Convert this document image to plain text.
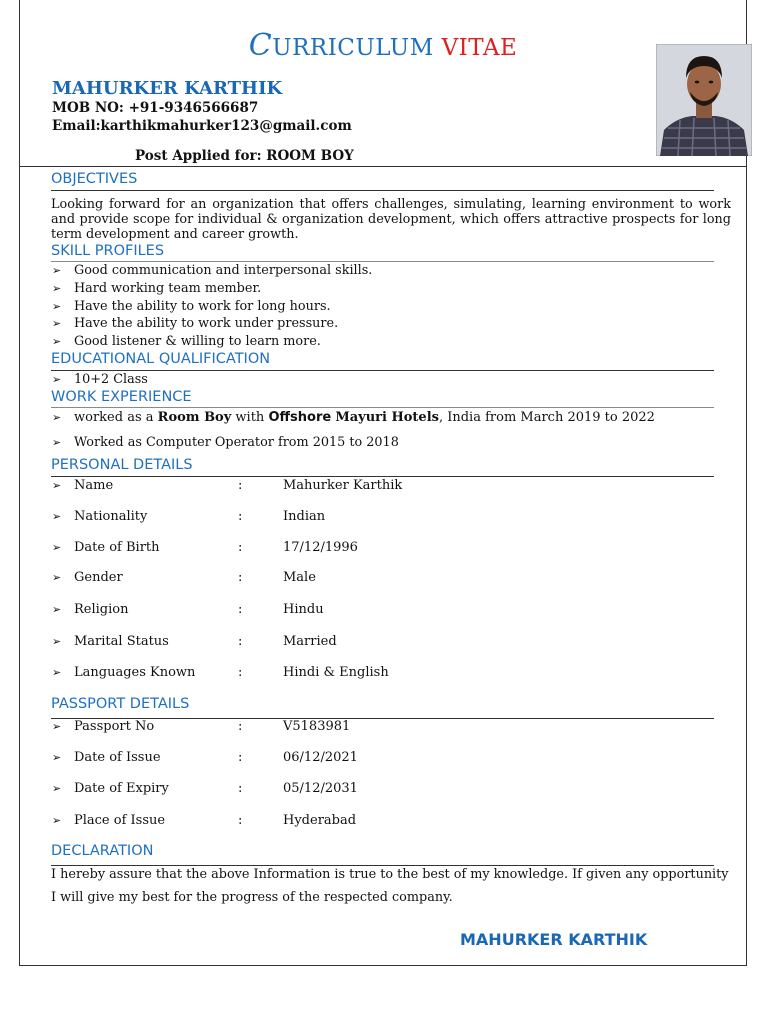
CURRICULUM VITAE
MAHURKER KARTHIK
MOB NO: +91-9346566687
Email:karthikmahurker123@gmail.com
Post Applied for: ROOM BOY
OBJECTIVES
Looking forward for an organization that offers challenges, simulating, learning environment to work and provide scope for individual & organization development, which offers attractive prospects for long term development and career growth.
SKILL PROFILES
➢ Good communication and interpersonal skills.
➢ Hard working team member.
➢ Have the ability to work for long hours.
➢ Have the ability to work under pressure.
➢ Good listener & willing to learn more.
EDUCATIONAL QUALIFICATION
➢ 10+2 Class
WORK EXPERIENCE
➢ worked as a Room Boy with Offshore Mayuri Hotels, India from March 2019 to 2022
➢ Worked as Computer Operator from 2015 to 2018
PERSONAL DETAILS
➢ Name	:	Mahurker Karthik
➢ Nationality	:	Indian
➢ Date of Birth	:	17/12/1996
➢ Gender	:	Male
➢ Religion	:	Hindu
➢ Marital Status	:	Married
➢ Languages Known	:	Hindi & English
PASSPORT DETAILS
➢ Passport No	:	V5183981
➢ Date of Issue	:	06/12/2021
➢ Date of Expiry	:	05/12/2031
➢ Place of Issue	:	Hyderabad
DECLARATION
I hereby assure that the above Information is true to the best of my knowledge. If given any opportunity I will give my best for the progress of the respected company.
MAHURKER KARTHIK
